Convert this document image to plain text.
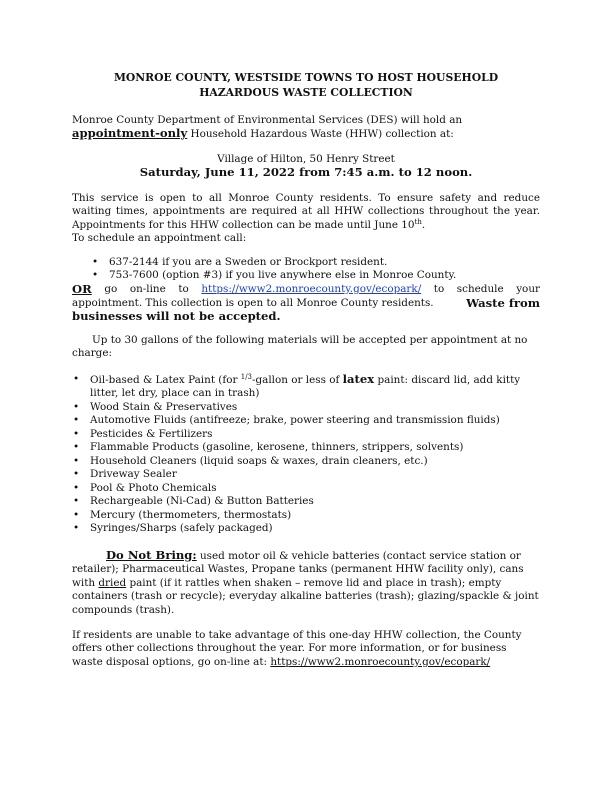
MONROE COUNTY, WESTSIDE TOWNS TO HOST HOUSEHOLD
HAZARDOUS WASTE COLLECTION
Monroe County Department of Environmental Services (DES) will hold an
appointment-only Household Hazardous Waste (HHW) collection at:
Village of Hilton, 50 Henry Street
Saturday, June 11, 2022 from 7:45 a.m. to 12 noon.
This service is open to all Monroe County residents. To ensure safety and reduce waiting times, appointments are required at all HHW collections throughout the year. Appointments for this HHW collection can be made until June 10th.
To schedule an appointment call:
• 637-2144 if you are a Sweden or Brockport resident.
• 753-7600 (option #3) if you live anywhere else in Monroe County.
OR go on-line to https://www2.monroecounty.gov/ecopark/ to schedule your
appointment. This collection is open to all Monroe County residents.	Waste from
businesses will not be accepted.
Up to 30 gallons of the following materials will be accepted per appointment at no
charge:
• Oil-based & Latex Paint (for $^{1/3}$-gallon or less of latex paint: discard lid, add kitty litter, let dry, place can in trash)
• Wood Stain & Preservatives
• Automotive Fluids (antifreeze; brake, power steering and transmission fluids)
• Pesticides & Fertilizers
• Flammable Products (gasoline, kerosene, thinners, strippers, solvents)
• Household Cleaners (liquid soaps & waxes, drain cleaners, etc.)
• Driveway Sealer
• Pool & Photo Chemicals
• Rechargeable (Ni-Cad) & Button Batteries
• Mercury (thermometers, thermostats)
• Syringes/Sharps (safely packaged)
Do Not Bring: used motor oil & vehicle batteries (contact service station or retailer); Pharmaceutical Wastes, Propane tanks (permanent HHW facility only), cans with dried paint (if it rattles when shaken – remove lid and place in trash); empty containers (trash or recycle); everyday alkaline batteries (trash); glazing/spackle & joint compounds (trash).
If residents are unable to take advantage of this one-day HHW collection, the County offers other collections throughout the year. For more information, or for business waste disposal options, go on-line at: https://www2.monroecounty.gov/ecopark/
